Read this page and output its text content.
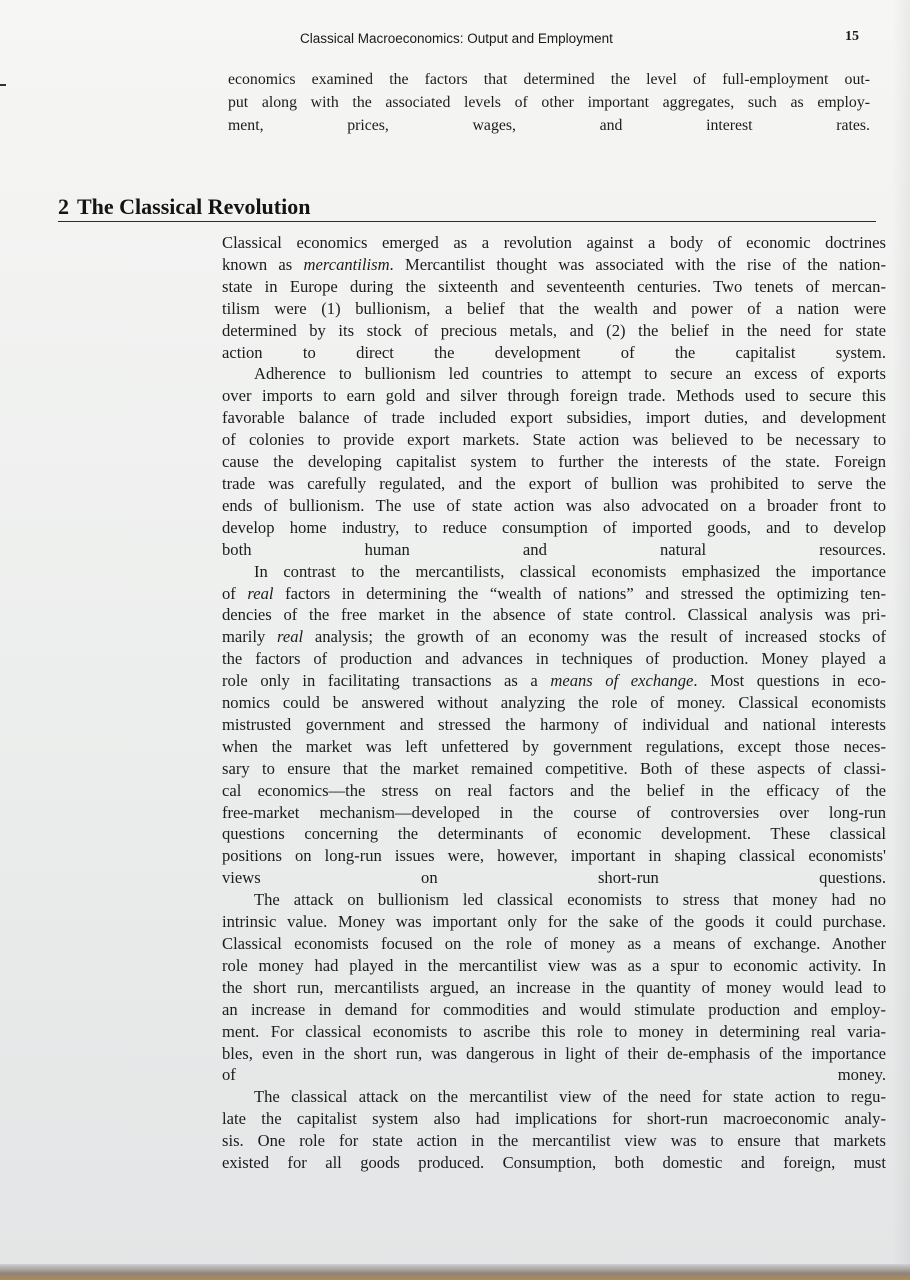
Classical Macroeconomics: Output and Employment	15
economics examined the factors that determined the level of full-employment out-
put along with the associated levels of other important aggregates, such as employ-
ment, prices, wages, and interest rates.
2 The Classical Revolution
Classical economics emerged as a revolution against a body of economic doctrines
known as mercantilism. Mercantilist thought was associated with the rise of the nation-
state in Europe during the sixteenth and seventeenth centuries. Two tenets of mercan-
tilism were (1) bullionism, a belief that the wealth and power of a nation were
determined by its stock of precious metals, and (2) the belief in the need for state
action to direct the development of the capitalist system.
Adherence to bullionism led countries to attempt to secure an excess of exports
over imports to earn gold and silver through foreign trade. Methods used to secure this
favorable balance of trade included export subsidies, import duties, and development
of colonies to provide export markets. State action was believed to be necessary to
cause the developing capitalist system to further the interests of the state. Foreign
trade was carefully regulated, and the export of bullion was prohibited to serve the
ends of bullionism. The use of state action was also advocated on a broader front to
develop home industry, to reduce consumption of imported goods, and to develop
both human and natural resources.
In contrast to the mercantilists, classical economists emphasized the importance
of real factors in determining the “wealth of nations” and stressed the optimizing ten-
dencies of the free market in the absence of state control. Classical analysis was pri-
marily real analysis; the growth of an economy was the result of increased stocks of
the factors of production and advances in techniques of production. Money played a
role only in facilitating transactions as a means of exchange. Most questions in eco-
nomics could be answered without analyzing the role of money. Classical economists
mistrusted government and stressed the harmony of individual and national interests
when the market was left unfettered by government regulations, except those neces-
sary to ensure that the market remained competitive. Both of these aspects of classi-
cal economics—the stress on real factors and the belief in the efficacy of the
free-market mechanism—developed in the course of controversies over long-run
questions concerning the determinants of economic development. These classical
positions on long-run issues were, however, important in shaping classical economists'
views on short-run questions.
The attack on bullionism led classical economists to stress that money had no
intrinsic value. Money was important only for the sake of the goods it could purchase.
Classical economists focused on the role of money as a means of exchange. Another
role money had played in the mercantilist view was as a spur to economic activity. In
the short run, mercantilists argued, an increase in the quantity of money would lead to
an increase in demand for commodities and would stimulate production and employ-
ment. For classical economists to ascribe this role to money in determining real varia-
bles, even in the short run, was dangerous in light of their de-emphasis of the importance
of money.
The classical attack on the mercantilist view of the need for state action to regu-
late the capitalist system also had implications for short-run macroeconomic analy-
sis. One role for state action in the mercantilist view was to ensure that markets
existed for all goods produced. Consumption, both domestic and foreign, must
